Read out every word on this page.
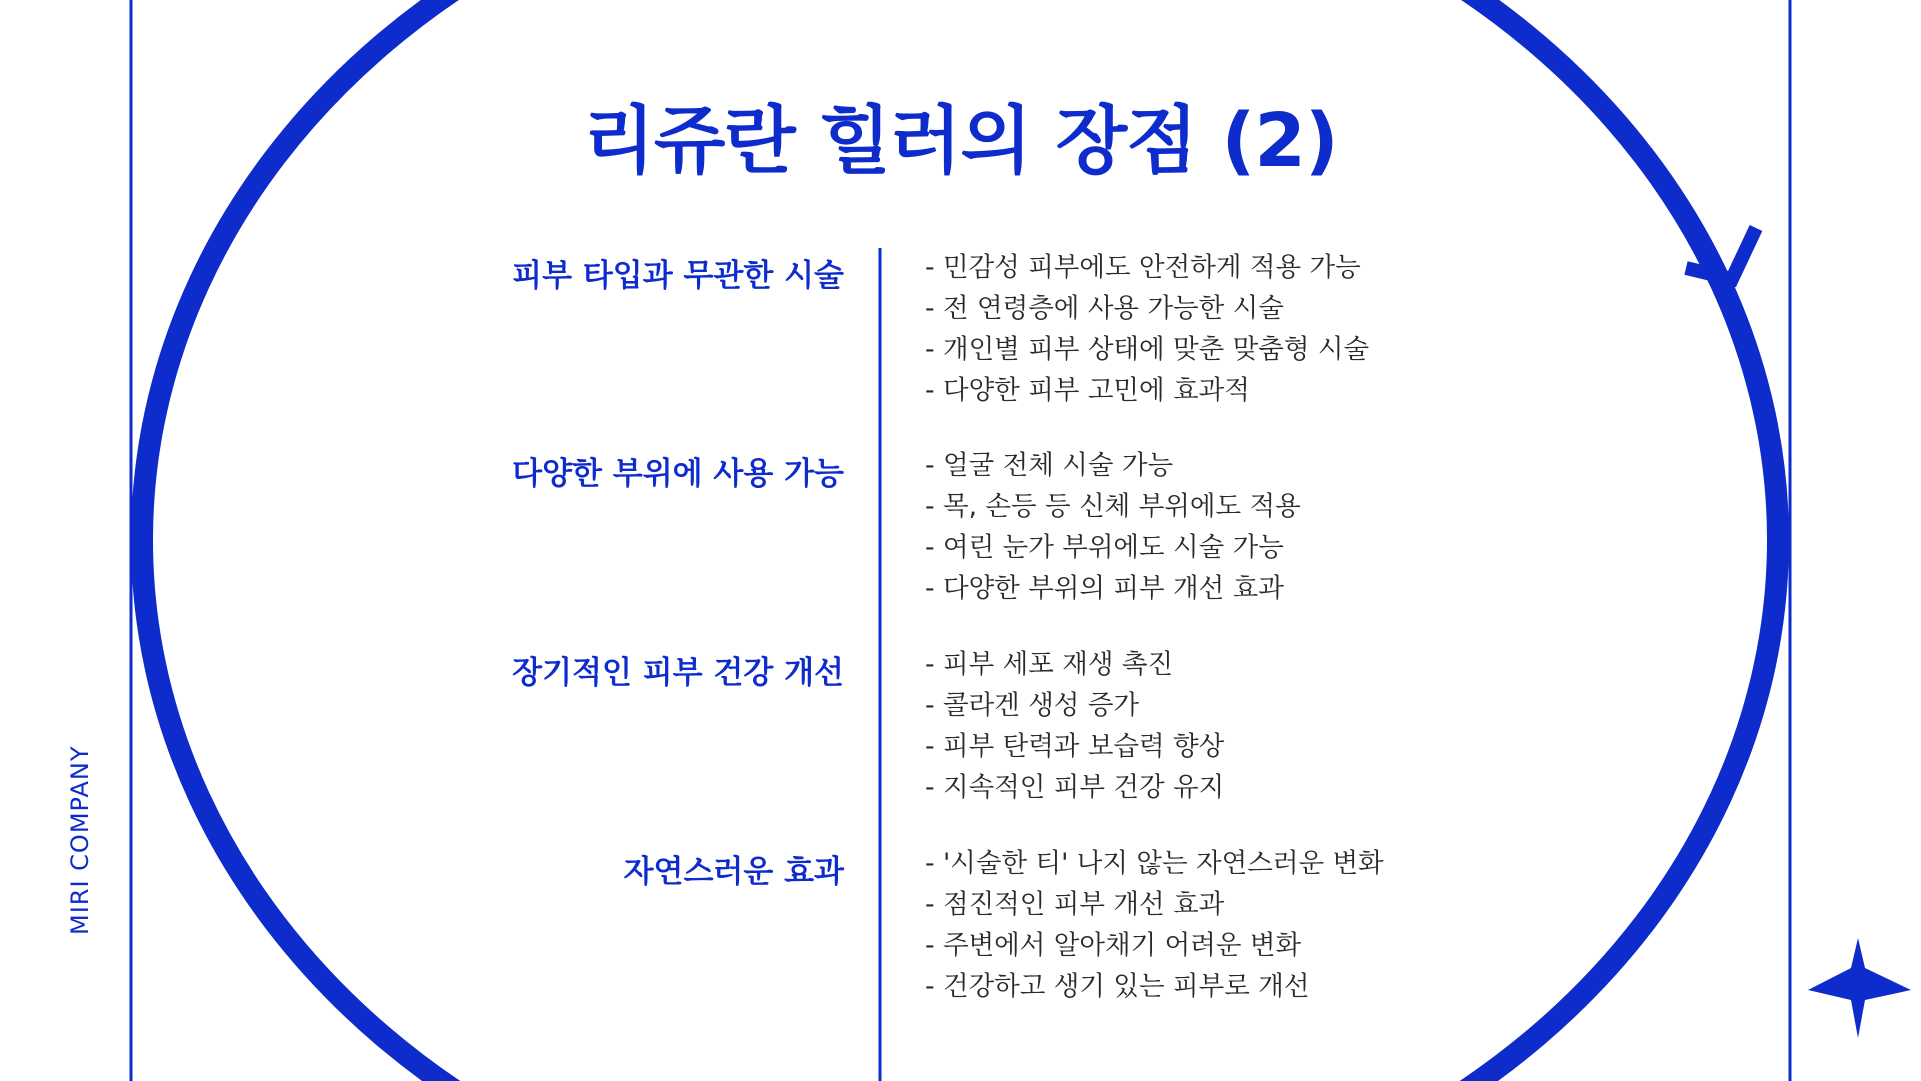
리쥬란 힐러의 장점 (2)
MIRI COMPANY
피부 타입과 무관한 시술	- 민감성 피부에도 안전하게 적용 가능
- 전 연령층에 사용 가능한 시술
- 개인별 피부 상태에 맞춘 맞춤형 시술
- 다양한 피부 고민에 효과적
다양한 부위에 사용 가능	- 얼굴 전체 시술 가능
- 목, 손등 등 신체 부위에도 적용
- 여린 눈가 부위에도 시술 가능
- 다양한 부위의 피부 개선 효과
장기적인 피부 건강 개선	- 피부 세포 재생 촉진
- 콜라겐 생성 증가
- 피부 탄력과 보습력 향상
- 지속적인 피부 건강 유지
자연스러운 효과	- '시술한 티' 나지 않는 자연스러운 변화
- 점진적인 피부 개선 효과
- 주변에서 알아채기 어려운 변화
- 건강하고 생기 있는 피부로 개선
